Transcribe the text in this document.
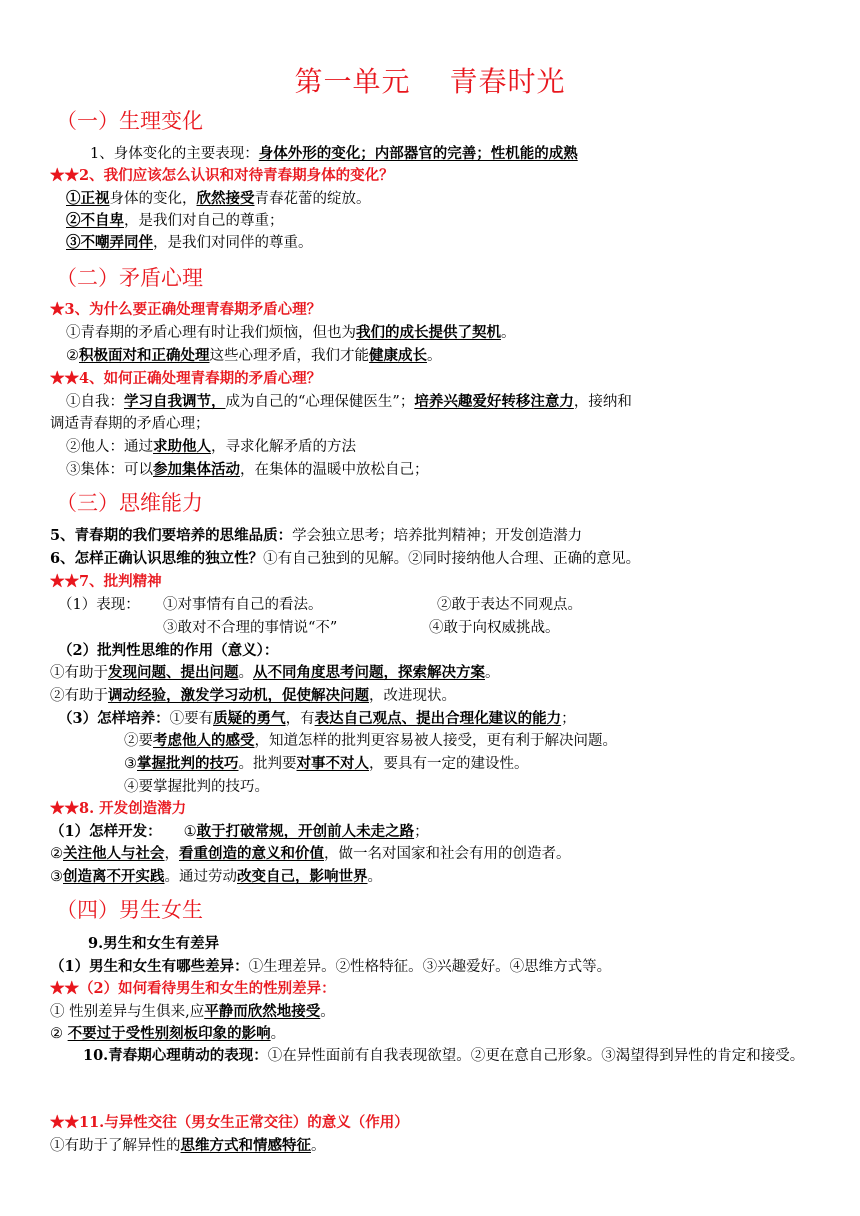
第一单元　 青春时光
（一）生理变化
1、身体变化的主要表现：身体外形的变化；内部器官的完善；性机能的成熟
★★2、我们应该怎么认识和对待青春期身体的变化？
①正视身体的变化，欣然接受青春花蕾的绽放。
②不自卑，是我们对自己的尊重；
③不嘲弄同伴，是我们对同伴的尊重。
（二）矛盾心理
★3、为什么要正确处理青春期矛盾心理？
①青春期的矛盾心理有时让我们烦恼，但也为我们的成长提供了契机。
②积极面对和正确处理这些心理矛盾，我们才能健康成长。
★★4、如何正确处理青春期的矛盾心理？
①自我：学习自我调节，成为自己的“心理保健医生”；培养兴趣爱好转移注意力，接纳和
调适青春期的矛盾心理；
②他人：通过求助他人，寻求化解矛盾的方法
③集体：可以参加集体活动，在集体的温暖中放松自己；
（三）思维能力
5、青春期的我们要培养的思维品质：学会独立思考；培养批判精神；开发创造潜力
6、怎样正确认识思维的独立性？①有自己独到的见解。②同时接纳他人合理、正确的意见。
★★7、批判精神
（1）表现： ①对事情有自己的看法。	②敢于表达不同观点。
③敢对不合理的事情说“不”	④敢于向权威挑战。
（2）批判性思维的作用（意义）：
①有助于发现问题、提出问题。从不同角度思考问题，探索解决方案。
②有助于调动经验，激发学习动机，促使解决问题，改进现状。
（3）怎样培养：①要有质疑的勇气，有表达自己观点、提出合理化建议的能力；
②要考虑他人的感受，知道怎样的批判更容易被人接受，更有利于解决问题。
③掌握批判的技巧。批判要对事不对人，要具有一定的建设性。
④要掌握批判的技巧。
★★8. 开发创造潜力
（1）怎样开发： ①敢于打破常规，开创前人未走之路；
②关注他人与社会，看重创造的意义和价值，做一名对国家和社会有用的创造者。
③创造离不开实践。通过劳动改变自己，影响世界。
（四）男生女生
9.男生和女生有差异
（1）男生和女生有哪些差异：①生理差异。②性格特征。③兴趣爱好。④思维方式等。
★★（2）如何看待男生和女生的性别差异：
① 性别差异与生俱来,应平静而欣然地接受。
② 不要过于受性别刻板印象的影响。
10.青春期心理萌动的表现：①在异性面前有自我表现欲望。②更在意自己形象。③渴望得到异性的肯定和接受。
★★11.与异性交往（男女生正常交往）的意义（作用）
①有助于了解异性的思维方式和情感特征。
